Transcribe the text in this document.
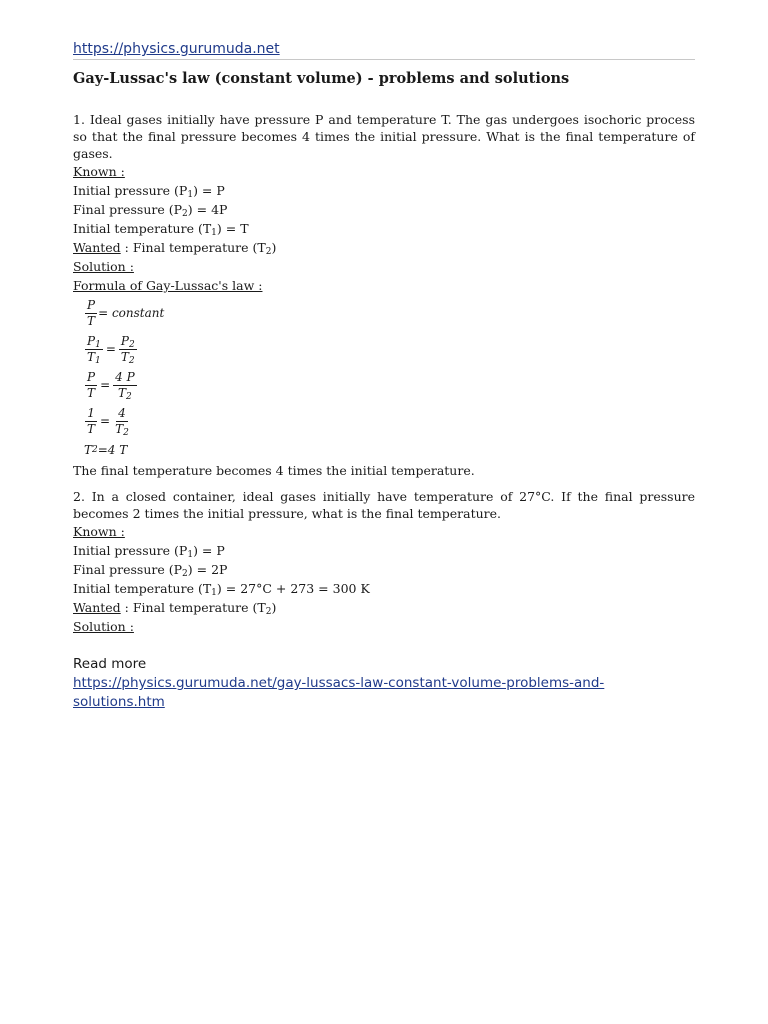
https://physics.gurumuda.net
Gay-Lussac's law (constant volume) - problems and solutions

1. Ideal gases initially have pressure P and temperature T. The gas undergoes isochoric process so that the final pressure becomes 4 times the initial pressure. What is the final temperature of gases.

Known :

Initial pressure $(P_1) = P$

Final pressure $(P_2) = 4P$

Initial temperature $(T_1) = T$

Wanted : Final temperature $(T_2)$

Solution :

Formula of Gay-Lussac's law :

$\frac{P}{T}$ = constant
$\frac{P_1}{T_1} = \frac{P_2}{T_2}$
$\frac{P}{T} = \frac{4 P}{T_2}$
$\frac{1}{T} = \frac{4}{T_2}$
T 2 =4 T

The final temperature becomes 4 times the initial temperature.

2. In a closed container, ideal gases initially have temperature of 27°C. If the final pressure becomes 2 times the initial pressure, what is the final temperature.

Known :

Initial pressure $(P_1) = P$

Final pressure $(P_2) = 2P$

Initial temperature $(T_1) = 27^\circ C + 273 = 300$ K

Wanted : Final temperature $(T_2)$

Solution :

Read more
https://physics.gurumuda.net/gay-lussacs-law-constant-volume-problems-and-solutions.htm
